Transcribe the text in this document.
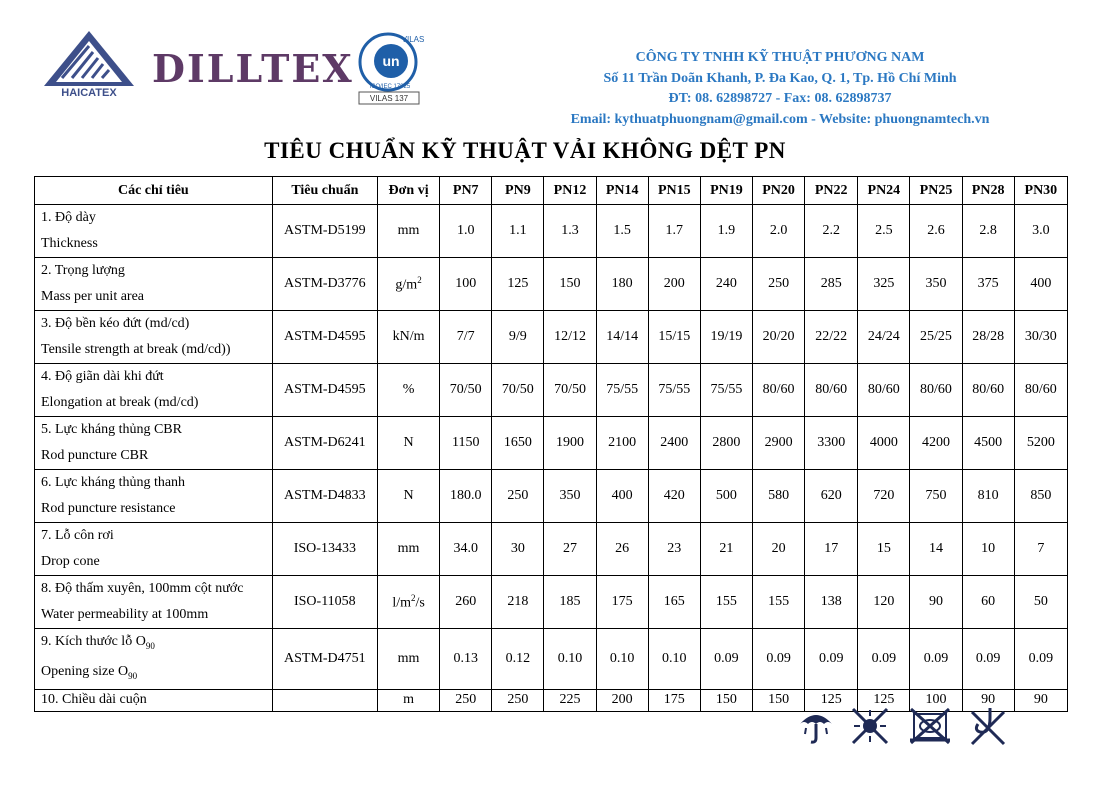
HAICATEX
DILLTEX un
VILAS
ISO/IEC 17025
VILAS 137
CÔNG TY TNHH KỸ THUẬT PHƯƠNG NAM
Số 11 Trần Doãn Khanh, P. Đa Kao, Q. 1, Tp. Hồ Chí Minh
ĐT: 08. 62898727 - Fax: 08. 62898737
Email: kythuatphuongnam@gmail.com - Website: phuongnamtech.vn
TIÊU CHUẨN KỸ THUẬT VẢI KHÔNG DỆT PN
Các chỉ tiêu	Tiêu chuẩn	Đơn vị	PN7	PN9	PN12	PN14	PN15	PN19	PN20	PN22	PN24	PN25	PN28	PN30

1. Độ dày
Thickness	ASTM-D5199	mm	1.0	1.1	1.3	1.5	1.7	1.9	2.0	2.2	2.5	2.6	2.8	3.0

2. Trọng lượng
Mass per unit area	ASTM-D3776	$g/m^2$	100	125	150	180	200	240	250	285	325	350	375	400

3. Độ bền kéo đứt (md/cd)
Tensile strength at break (md/cd))	ASTM-D4595	kN/m	7/7	9/9	12/12	14/14	15/15	19/19	20/20	22/22	24/24	25/25	28/28	30/30

4. Độ giãn dài khi đứt
Elongation at break (md/cd)	ASTM-D4595	%	70/50	70/50	70/50	75/55	75/55	75/55	80/60	80/60	80/60	80/60	80/60	80/60

5. Lực kháng thủng CBR
Rod puncture CBR	ASTM-D6241	N	1150	1650	1900	2100	2400	2800	2900	3300	4000	4200	4500	5200

6. Lực kháng thủng thanh
Rod puncture resistance	ASTM-D4833	N	180.0	250	350	400	420	500	580	620	720	750	810	850

7. Lỗ côn rơi
Drop cone	ISO-13433	mm	34.0	30	27	26	23	21	20	17	15	14	10	7

8. Độ thấm xuyên, 100mm cột nước
Water permeability at 100mm	ISO-11058	$l/m^2/s$	260	218	185	175	165	155	155	138	120	90	60	50

9. Kích thước lỗ $O_{90}$
Opening size $O_{90}$	ASTM-D4751	mm	0.13	0.12	0.10	0.10	0.10	0.09	0.09	0.09	0.09	0.09	0.09	0.09
10. Chiều dài cuộn		m	250	250	225	200	175	150	150	125	125	100	90	90
